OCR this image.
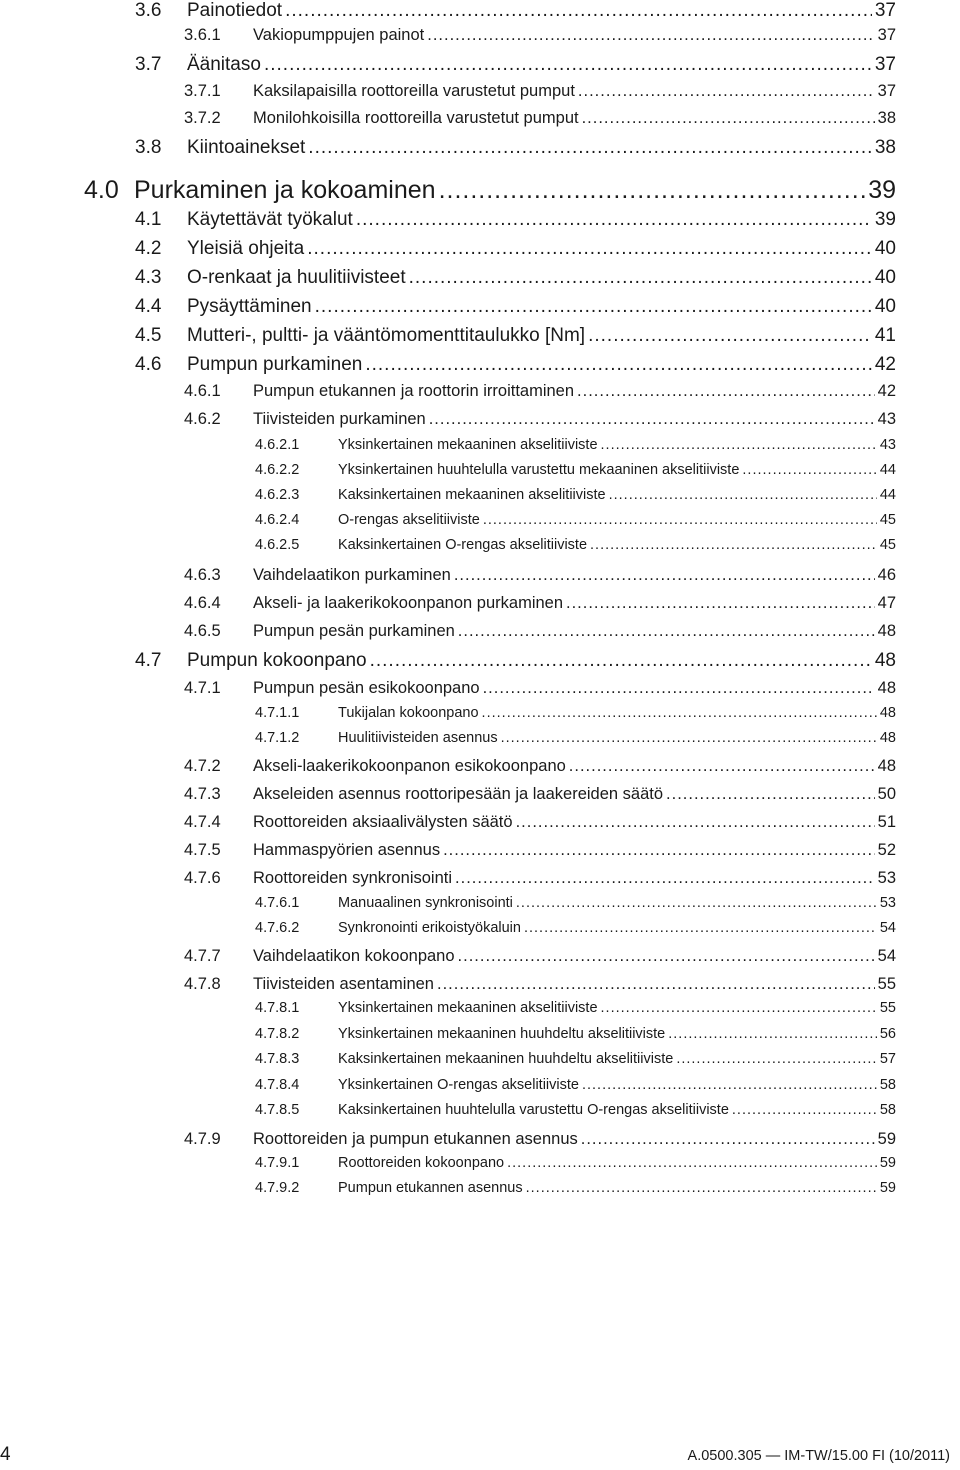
3.6	Painotiedot .....	37
3.6.1	Vakiopumppujen painot .....	37
3.7	Äänitaso .....	37
3.7.1	Kaksilapaisilla roottoreilla varustetut pumput .....	37
3.7.2	Monilohkoisilla roottoreilla varustetut pumput .....	38
3.8	Kiintoainekset .....	38
4.0 Purkaminen ja kokoaminen .....	39
4.1	Käytettävät työkalut .....	39
4.2	Yleisiä ohjeita .....	40
4.3	O-renkaat ja huulitiivisteet .....	40
4.4	Pysäyttäminen .....	40
4.5	Mutteri-, pultti- ja vääntömomenttitaulukko [Nm] .....	41
4.6	Pumpun purkaminen .....	42
4.6.1	Pumpun etukannen ja roottorin irroittaminen .....	42
4.6.2	Tiivisteiden purkaminen .....	43
4.6.2.1	Yksinkertainen mekaaninen akselitiiviste .....	43
4.6.2.2	Yksinkertainen huuhtelulla varustettu mekaaninen akselitiiviste .....	44
4.6.2.3	Kaksinkertainen mekaaninen akselitiiviste .....	44
4.6.2.4	O-rengas akselitiiviste .....	45
4.6.2.5	Kaksinkertainen O-rengas akselitiiviste .....	45
4.6.3	Vaihdelaatikon purkaminen .....	46
4.6.4	Akseli- ja laakerikokoonpanon purkaminen .....	47
4.6.5	Pumpun pesän purkaminen .....	48
4.7	Pumpun kokoonpano .....	48
4.7.1	Pumpun pesän esikokoonpano .....	48
4.7.1.1	Tukijalan kokoonpano .....	48
4.7.1.2	Huulitiivisteiden asennus .....	48
4.7.2	Akseli-laakerikokoonpanon esikokoonpano .....	48
4.7.3	Akseleiden asennus roottoripesään ja laakereiden säätö .....	50
4.7.4	Roottoreiden aksiaalivälysten säätö .....	51
4.7.5	Hammaspyörien asennus .....	52
4.7.6	Roottoreiden synkronisointi .....	53
4.7.6.1	Manuaalinen synkronisointi .....	53
4.7.6.2	Synkronointi erikoistyökaluin .....	54
4.7.7	Vaihdelaatikon kokoonpano .....	54
4.7.8	Tiivisteiden asentaminen .....	55
4.7.8.1	Yksinkertainen mekaaninen akselitiiviste .....	55
4.7.8.2	Yksinkertainen mekaaninen huuhdeltu akselitiiviste .....	56
4.7.8.3	Kaksinkertainen mekaaninen huuhdeltu akselitiiviste .....	57
4.7.8.4	Yksinkertainen O-rengas akselitiiviste .....	58
4.7.8.5	Kaksinkertainen huuhtelulla varustettu O-rengas akselitiiviste .....	58
4.7.9	Roottoreiden ja pumpun etukannen asennus .....	59
4.7.9.1	Roottoreiden kokoonpano .....	59
4.7.9.2	Pumpun etukannen asennus .....	59
4	A.0500.305 — IM-TW/15.00 FI (10/2011)
